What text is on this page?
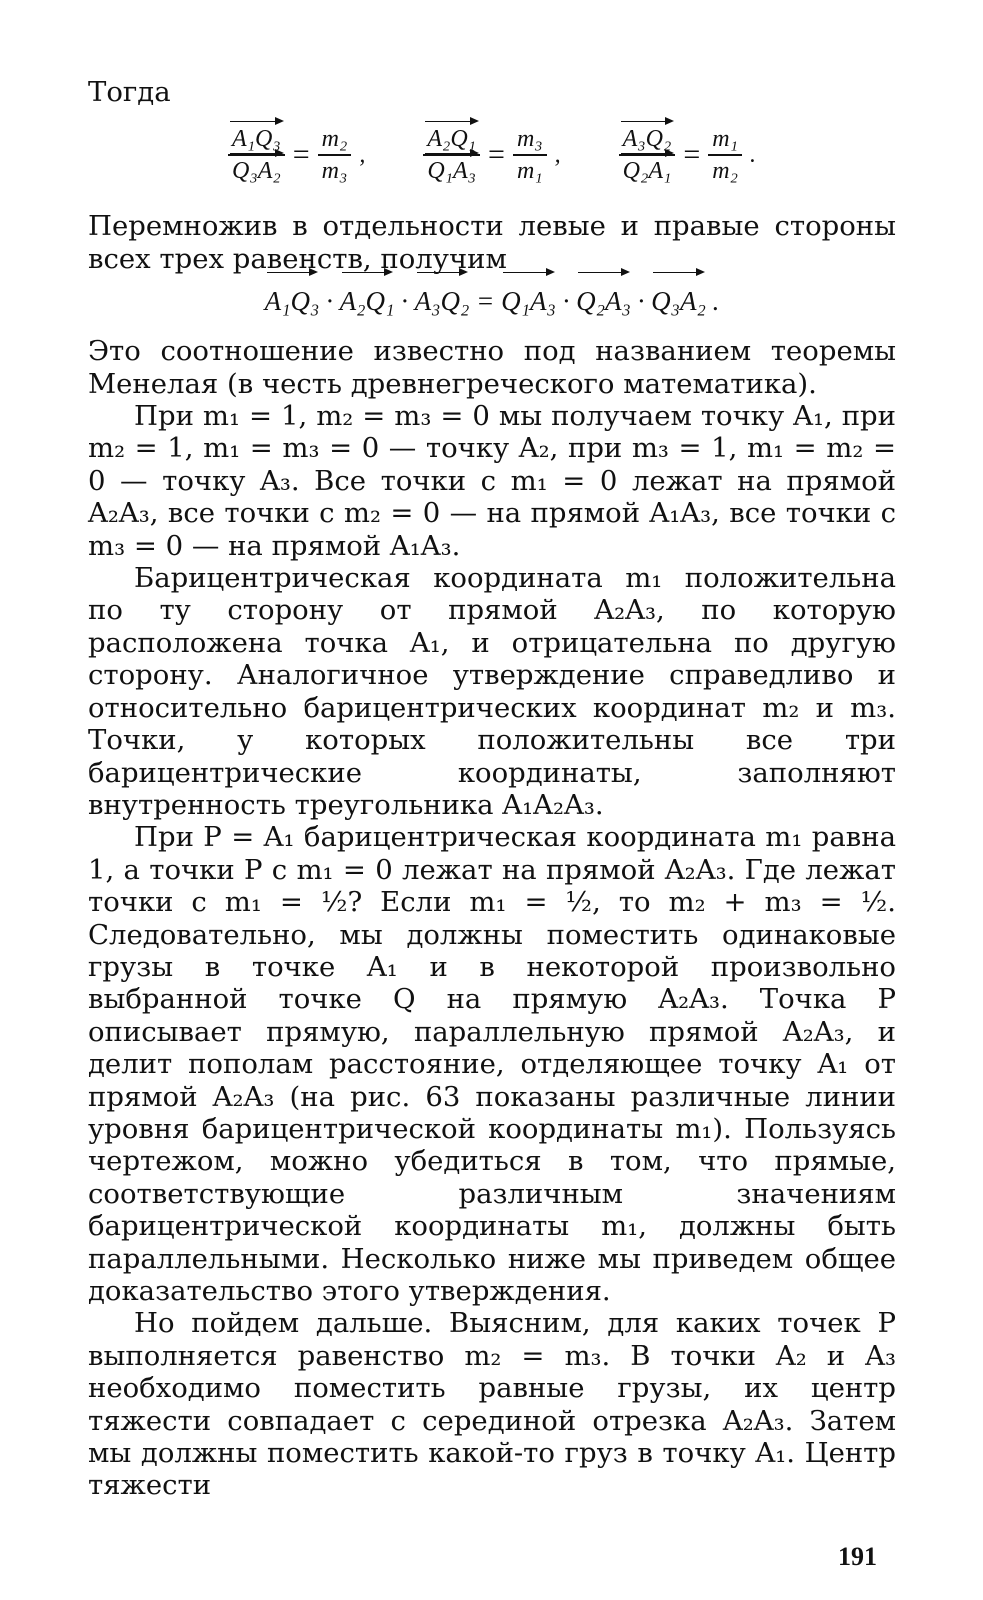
Тогда

$\frac{\text{A₁Q₃}}{\text{Q₃A₂}} = \frac{\text{m₂}}{\text{m₃}}$ , $\frac{\text{A₂Q₁}}{\text{Q₁A₃}} = \frac{\text{m₃}}{\text{m₁}}$ , $\frac{\text{A₃Q₂}}{\text{Q₂A₁}} = \frac{\text{m₁}}{\text{m₂}}$ .

Перемножив в отдельности левые и правые стороны всех трех равенств, получим

A₁Q₃ · A₂Q₁ · A₃Q₂ = Q₁A₃ · Q₂A₃ · Q₃A₂ .

Это соотношение известно под названием теоремы Менелая (в честь древнегреческого математика).

При m₁ = 1, m₂ = m₃ = 0 мы получаем точку A₁, при m₂ = 1, m₁ = m₃ = 0 — точку A₂, при m₃ = 1, m₁ = m₂ = 0 — точку A₃. Все точки с m₁ = 0 лежат на прямой A₂A₃, все точки с m₂ = 0 — на прямой A₁A₃, все точки с m₃ = 0 — на прямой A₁A₃.

Барицентрическая координата m₁ положительна по ту сторону от прямой A₂A₃, по которую расположена точка A₁, и отрицательна по другую сторону. Аналогичное утверждение справедливо и относительно барицентрических координат m₂ и m₃. Точки, у которых положительны все три барицентрические координаты, заполняют внутренность треугольника A₁A₂A₃.

При P = A₁ барицентрическая координата m₁ равна 1, а точки P с m₁ = 0 лежат на прямой A₂A₃. Где лежат точки с m₁ = ½? Если m₁ = ½, то m₂ + m₃ = ½. Следовательно, мы должны поместить одинаковые грузы в точке A₁ и в некоторой произвольно выбранной точке Q на прямую A₂A₃. Точка P описывает прямую, параллельную прямой A₂A₃, и делит пополам расстояние, отделяющее точку A₁ от прямой A₂A₃ (на рис. 63 показаны различные линии уровня барицентрической координаты m₁). Пользуясь чертежом, можно убедиться в том, что прямые, соответствующие различным значениям барицентрической координаты m₁, должны быть параллельными. Несколько ниже мы приведем общее доказательство этого утверждения.

Но пойдем дальше. Выясним, для каких точек P выполняется равенство m₂ = m₃. В точки A₂ и A₃ необходимо поместить равные грузы, их центр тяжести совпадает с серединой отрезка A₂A₃. Затем мы должны поместить какой-то груз в точку A₁. Центр тяжести

191
